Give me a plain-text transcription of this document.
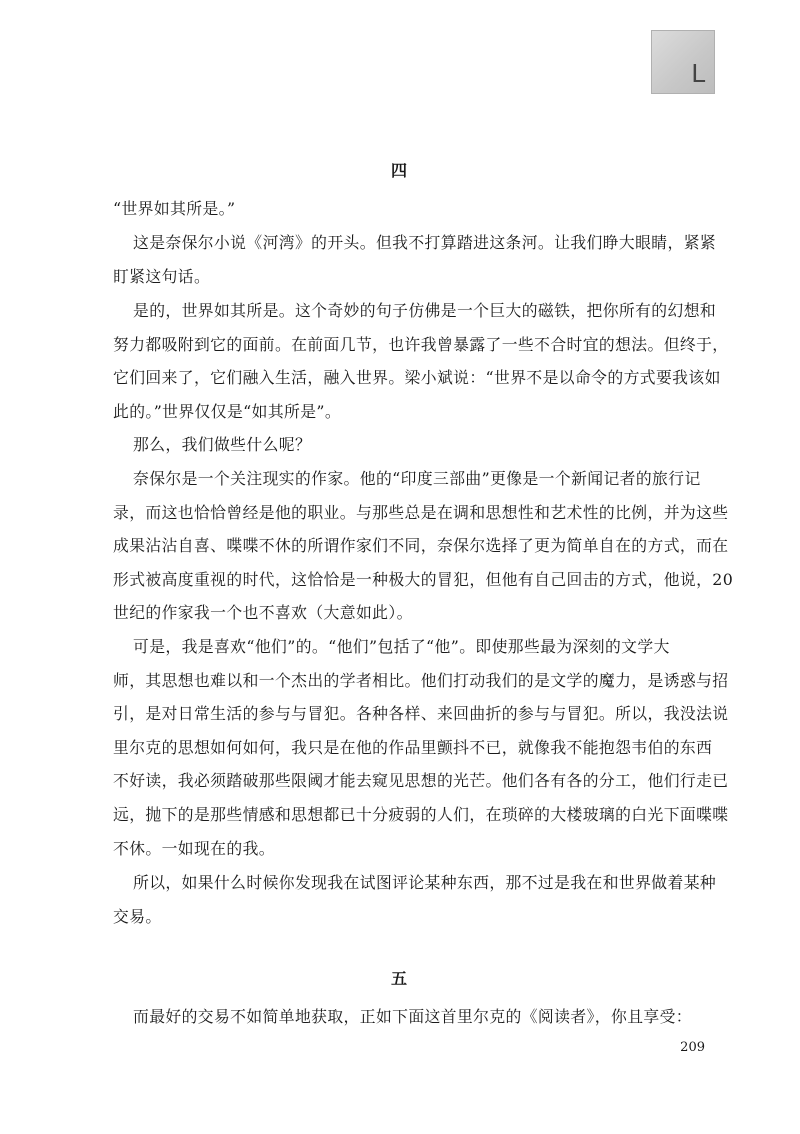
L
四

“世界如其所是。”

这是奈保尔小说《河湾》的开头。但我不打算踏进这条河。让我们睁大眼睛，紧紧
盯紧这句话。

是的，世界如其所是。这个奇妙的句子仿佛是一个巨大的磁铁，把你所有的幻想和
努力都吸附到它的面前。在前面几节，也许我曾暴露了一些不合时宜的想法。但终于，
它们回来了，它们融入生活，融入世界。梁小斌说：“世界不是以命令的方式要我该如
此的。”世界仅仅是“如其所是”。

那么，我们做些什么呢？

奈保尔是一个关注现实的作家。他的“印度三部曲”更像是一个新闻记者的旅行记
录，而这也恰恰曾经是他的职业。与那些总是在调和思想性和艺术性的比例，并为这些
成果沾沾自喜、喋喋不休的所谓作家们不同，奈保尔选择了更为简单自在的方式，而在
形式被高度重视的时代，这恰恰是一种极大的冒犯，但他有自己回击的方式，他说，20
世纪的作家我一个也不喜欢（大意如此）。

可是，我是喜欢“他们”的。“他们”包括了“他”。即使那些最为深刻的文学大
师，其思想也难以和一个杰出的学者相比。他们打动我们的是文学的魔力，是诱惑与招
引，是对日常生活的参与与冒犯。各种各样、来回曲折的参与与冒犯。所以，我没法说
里尔克的思想如何如何，我只是在他的作品里颤抖不已，就像我不能抱怨韦伯的东西
不好读，我必须踏破那些限阈才能去窥见思想的光芒。他们各有各的分工，他们行走已
远，抛下的是那些情感和思想都已十分疲弱的人们，在琐碎的大楼玻璃的白光下面喋喋
不休。一如现在的我。

所以，如果什么时候你发现我在试图评论某种东西，那不过是我在和世界做着某种
交易。

五

而最好的交易不如简单地获取，正如下面这首里尔克的《阅读者》，你且享受：

209
